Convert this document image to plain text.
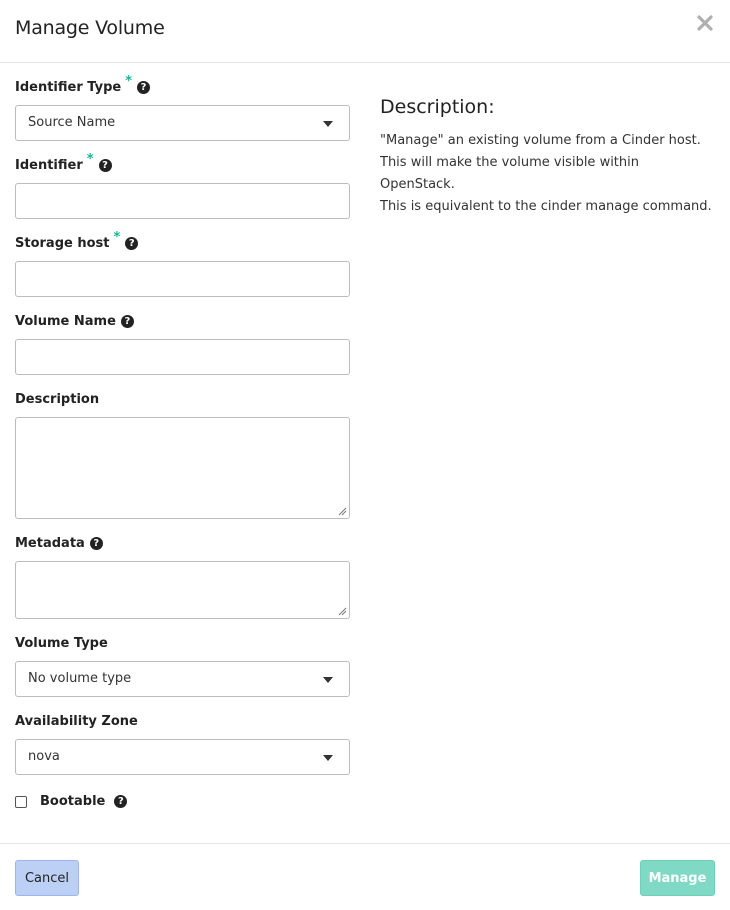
Manage Volume
Identifier Type * ?
Source Name
Identifier * ?
Storage host * ?
Volume Name ?
Description
Metadata ?
Volume Type
No volume type
Availability Zone
nova
Bootable	?
Description:
"Manage" an existing volume from a Cinder host. This will make the volume visible within OpenStack.
This is equivalent to the cinder manage command.
Cancel	Manage
